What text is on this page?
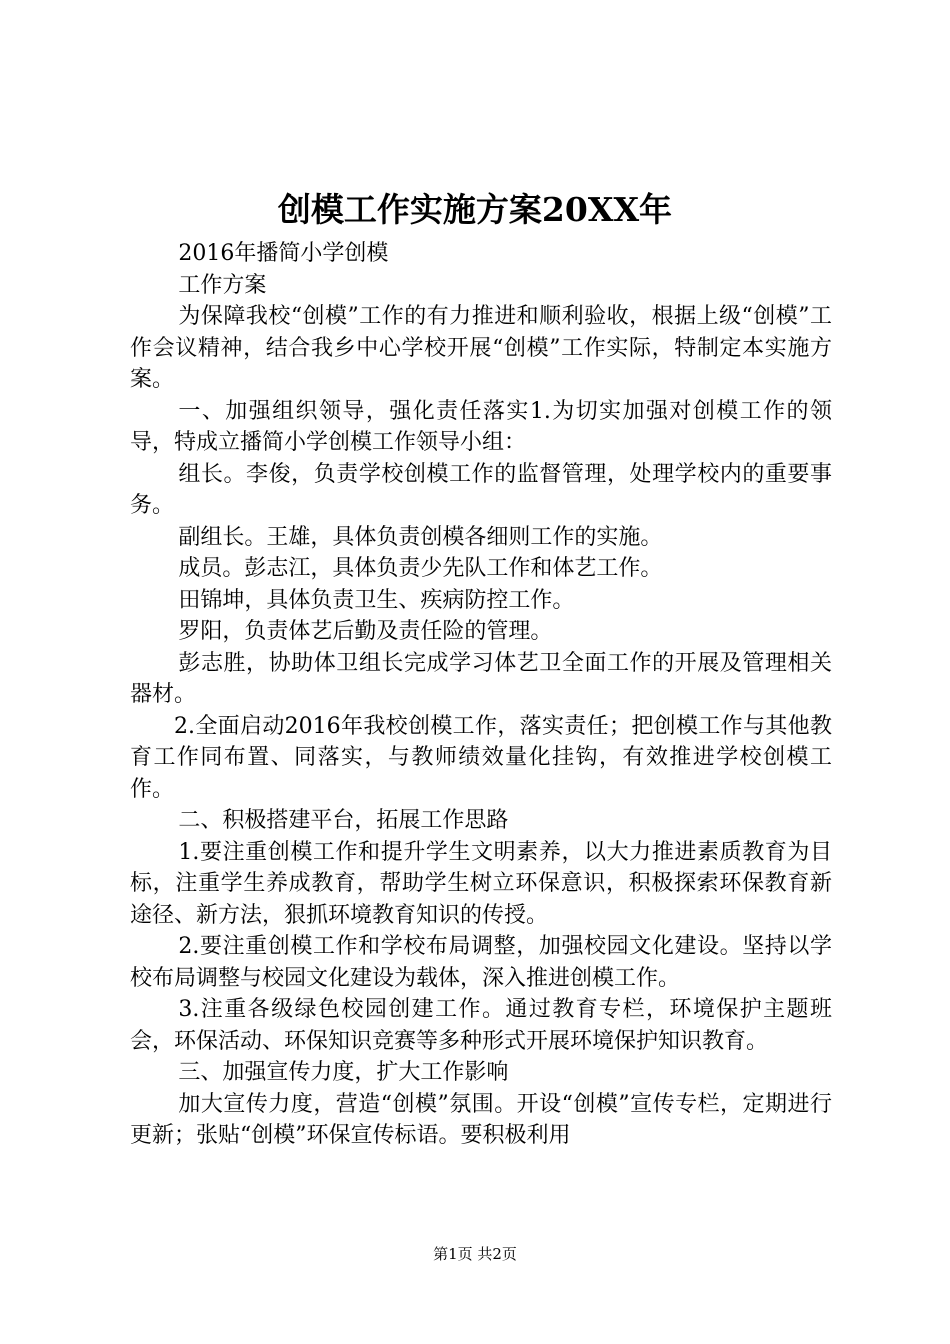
创模工作实施方案20XX年

2016年播简小学创模

工作方案

为保障我校“创模”工作的有力推进和顺利验收，根据上级“创模”工作会议精神，结合我乡中心学校开展“创模”工作实际，特制定本实施方案。

一、加强组织领导，强化责任落实1.为切实加强对创模工作的领导，特成立播简小学创模工作领导小组：

组长。李俊，负责学校创模工作的监督管理，处理学校内的重要事务。

副组长。王雄，具体负责创模各细则工作的实施。

成员。彭志江，具体负责少先队工作和体艺工作。

田锦坤，具体负责卫生、疾病防控工作。

罗阳，负责体艺后勤及责任险的管理。

彭志胜，协助体卫组长完成学习体艺卫全面工作的开展及管理相关器材。

2.全面启动2016年我校创模工作，落实责任；把创模工作与其他教育工作同布置、同落实，与教师绩效量化挂钩，有效推进学校创模工作。

二、积极搭建平台，拓展工作思路

1.要注重创模工作和提升学生文明素养，以大力推进素质教育为目标，注重学生养成教育，帮助学生树立环保意识，积极探索环保教育新途径、新方法，狠抓环境教育知识的传授。

2.要注重创模工作和学校布局调整，加强校园文化建设。坚持以学校布局调整与校园文化建设为载体，深入推进创模工作。

3.注重各级绿色校园创建工作。通过教育专栏，环境保护主题班会，环保活动、环保知识竞赛等多种形式开展环境保护知识教育。

三、加强宣传力度，扩大工作影响

加大宣传力度，营造“创模”氛围。开设“创模”宣传专栏，定期进行更新；张贴“创模”环保宣传标语。要积极利用

第1页 共2页
